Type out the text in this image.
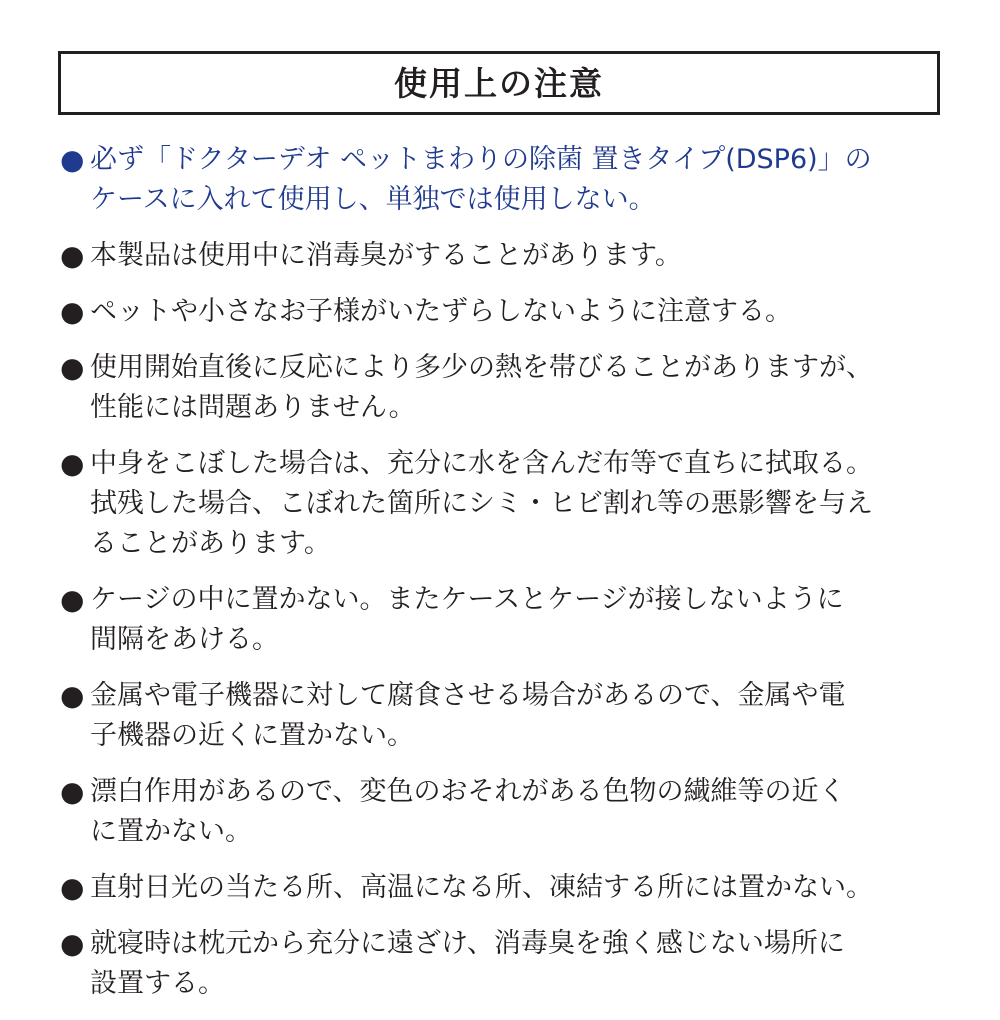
使用上の注意
● 必ず「ドクターデオ ペットまわりの除菌 置きタイプ(DSP6)」の
ケースに入れて使用し、単独では使用しない。
● 本製品は使用中に消毒臭がすることがあります。
● ペットや小さなお子様がいたずらしないように注意する。
● 使用開始直後に反応により多少の熱を帯びることがありますが、
性能には問題ありません。
● 中身をこぼした場合は、充分に水を含んだ布等で直ちに拭取る。
拭残した場合、こぼれた箇所にシミ・ヒビ割れ等の悪影響を与え
ることがあります。
● ケージの中に置かない。またケースとケージが接しないように
間隔をあける。
● 金属や電子機器に対して腐食させる場合があるので、金属や電
子機器の近くに置かない。
● 漂白作用があるので、変色のおそれがある色物の繊維等の近く
に置かない。
● 直射日光の当たる所、高温になる所、凍結する所には置かない。
● 就寝時は枕元から充分に遠ざけ、消毒臭を強く感じない場所に
設置する。
